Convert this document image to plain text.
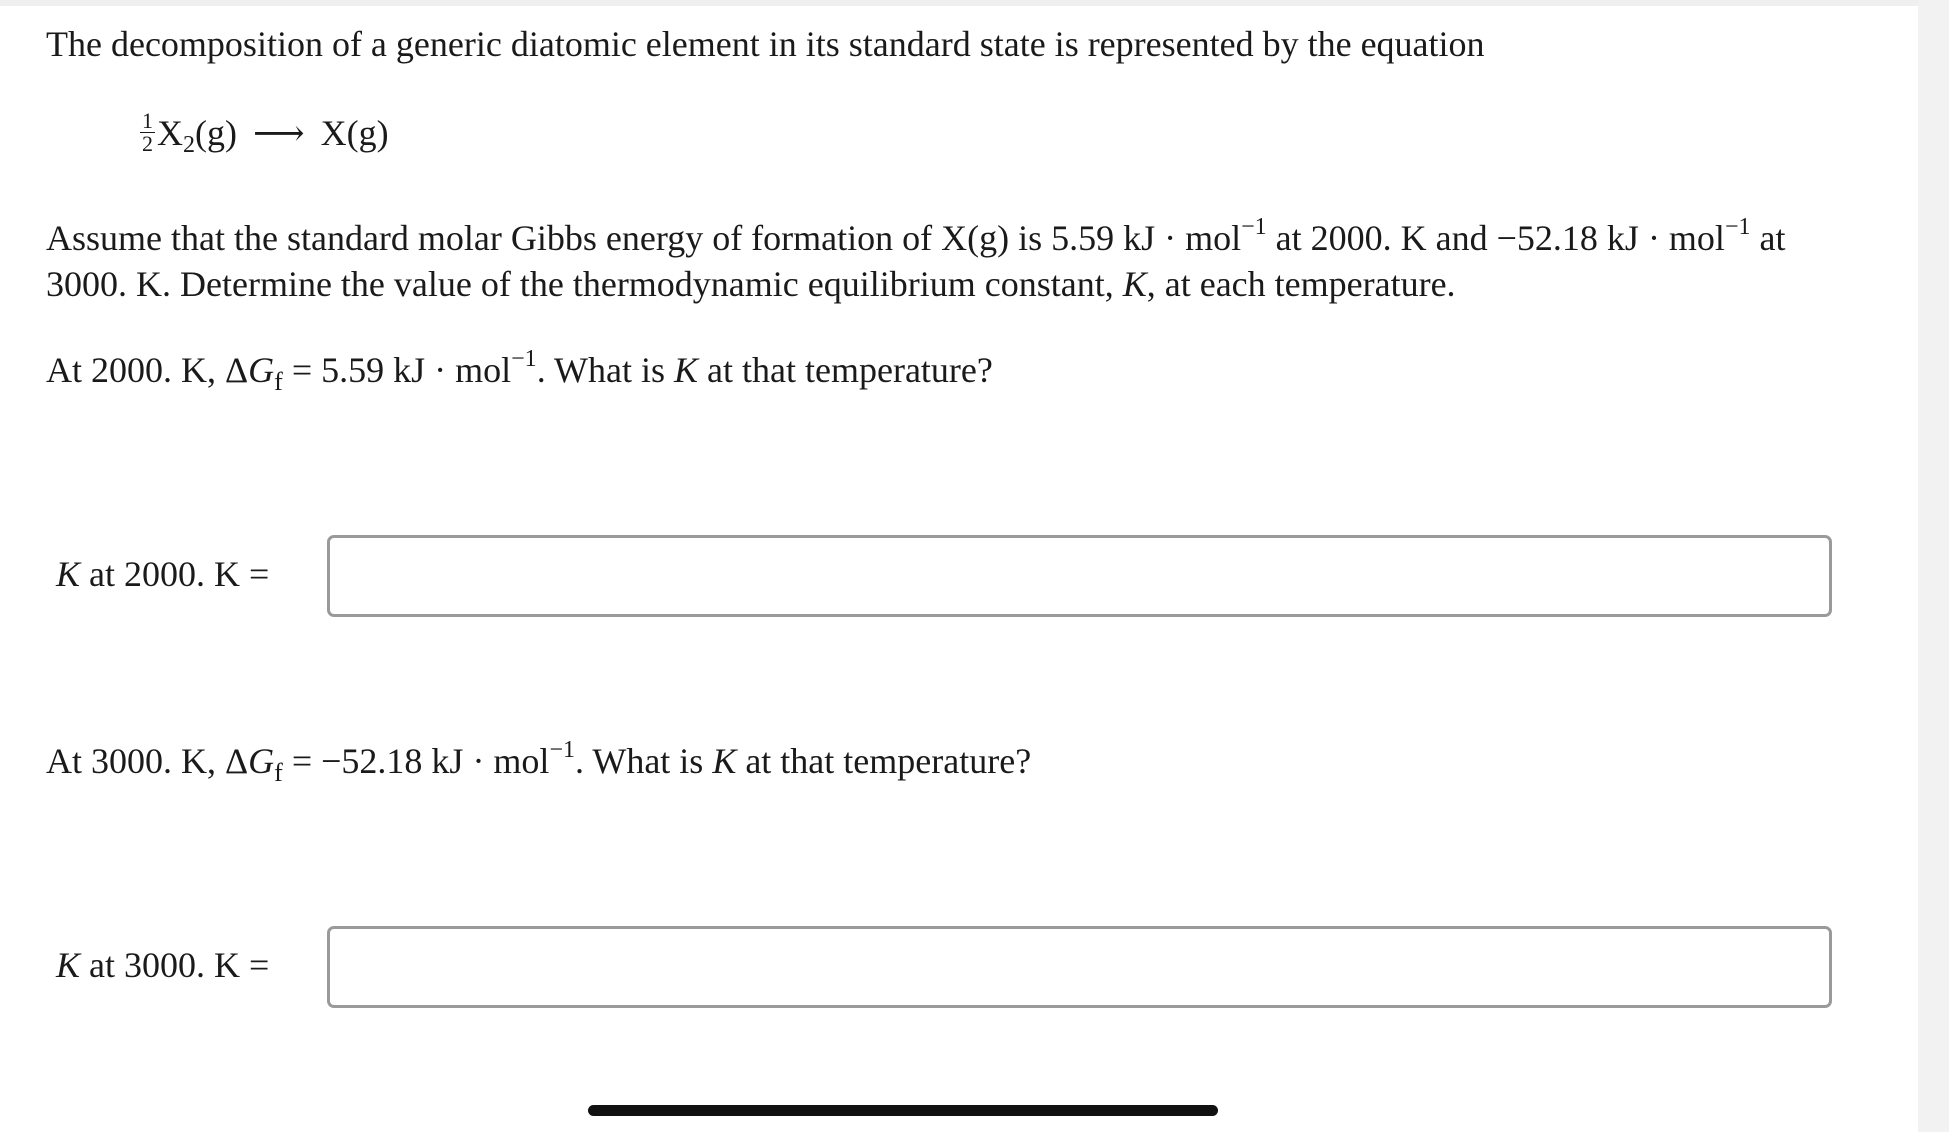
The decomposition of a generic diatomic element in its standard state is represented by the equation
$\frac{1}{2} X_2(g)$ ⟶ X(g)
Assume that the standard molar Gibbs energy of formation of X(g) is 5.59 kJ · mol$^{-1}$ at 2000. K and −52.18 kJ · mol$^{-1}$ at
3000. K. Determine the value of the thermodynamic equilibrium constant, K, at each temperature.
At 2000. K, $\Delta G_f = 5.59$ kJ · mol$^{-1}$. What is K at that temperature?
K at 2000. K =
At 3000. K, $\Delta G_f = -52.18$ kJ · mol$^{-1}$. What is K at that temperature?
K at 3000. K =
